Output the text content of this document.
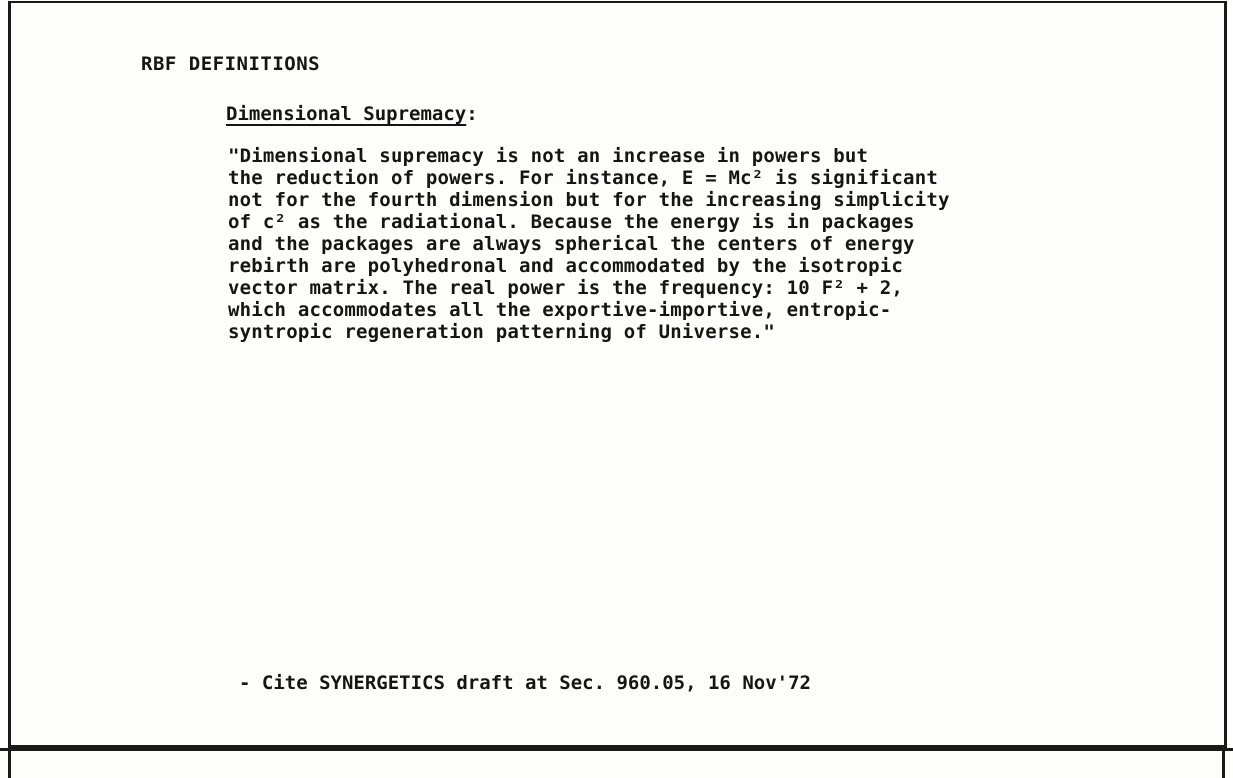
RBF DEFINITIONS
Dimensional Supremacy:
"Dimensional supremacy is not an increase in powers but
the reduction of powers. For instance, E = Mc² is significant
not for the fourth dimension but for the increasing simplicity
of c² as the radiational. Because the energy is in packages
and the packages are always spherical the centers of energy
rebirth are polyhedronal and accommodated by the isotropic
vector matrix. The real power is the frequency: 10 F² + 2,
which accommodates all the exportive-importive, entropic-
syntropic regeneration patterning of Universe."
- Cite SYNERGETICS draft at Sec. 960.05, 16 Nov'72
